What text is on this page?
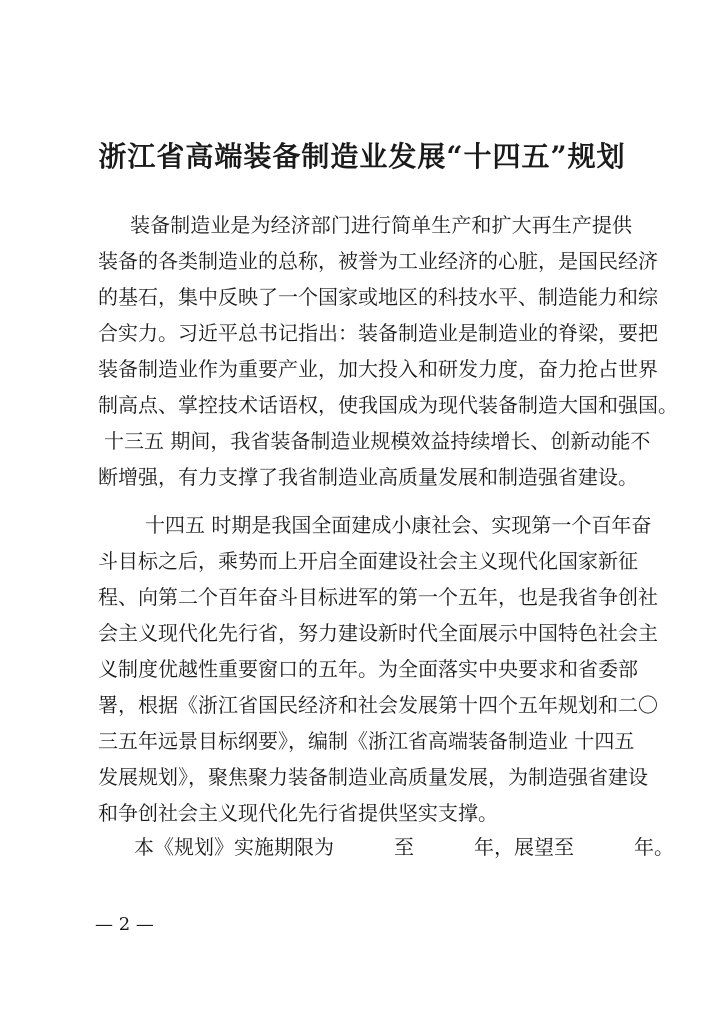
浙江省高端装备制造业发展“十四五”规划
装备制造业是为经济部门进行简单生产和扩大再生产提供
装备的各类制造业的总称，被誉为工业经济的心脏，是国民经济
的基石，集中反映了一个国家或地区的科技水平、制造能力和综
合实力。习近平总书记指出：装备制造业是制造业的脊梁，要把
装备制造业作为重要产业，加大投入和研发力度，奋力抢占世界
制高点、掌控技术话语权，使我国成为现代装备制造大国和强国。
十三五 期间，我省装备制造业规模效益持续增长、创新动能不
断增强，有力支撑了我省制造业高质量发展和制造强省建设。
十四五 时期是我国全面建成小康社会、实现第一个百年奋
斗目标之后，乘势而上开启全面建设社会主义现代化国家新征
程、向第二个百年奋斗目标进军的第一个五年，也是我省争创社
会主义现代化先行省，努力建设新时代全面展示中国特色社会主
义制度优越性重要窗口的五年。为全面落实中央要求和省委部
署，根据《浙江省国民经济和社会发展第十四个五年规划和二〇
三五年远景目标纲要》，编制《浙江省高端装备制造业 十四五
发展规划》，聚焦聚力装备制造业高质量发展，为制造强省建设
和争创社会主义现代化先行省提供坚实支撑。
本《规划》实施期限为　　　至　　　年，展望至　　　年。
— 2 —
